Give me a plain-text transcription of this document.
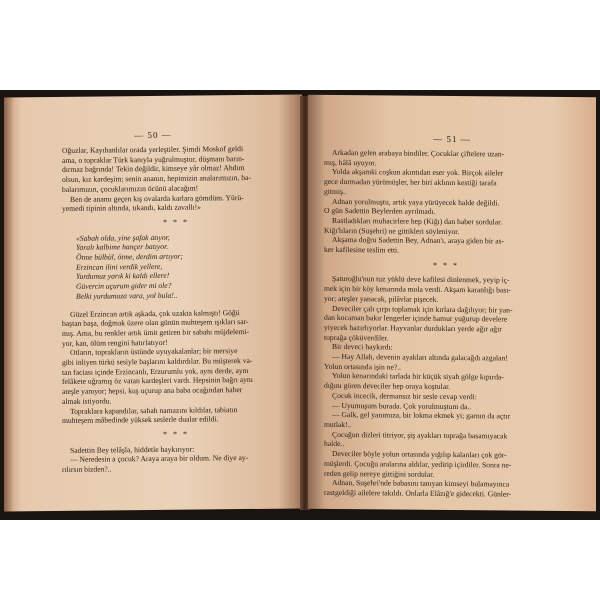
— 50 —
Oğuzlar, Kayıhanlılar orada yerleştiler. Şimdi Moskof geldi
ama, o topraklar Türk kanıyla yuğrulmuştur, düşmanı barın-
dırmaz bağrında! Tekin değildir, kimseye yâr olmaz! Ahdım
olsun, kız kardeşim; senin ananın, hepimizin analarımızın, ba-
balarımızın, çocuklarımızın öcünü alacağım!
Ben de anamı geçen kış ovalarda karlara gömdüm. Yürü-
yemedi tipinin altında, tıkandı, kaldı zavallı!»
* * *
«Sabah olda, yine şafak atıyor,
Yaralı kalbime hançer batıyor.
Ötme bülbül, ötme, derdim artıyor;
Erzincan ilini verdik yellere,
Yurdumuz yarık ki kaldı ellere!
Güvercin uçurum gider mi ole?
Belki yurdumuza vara, yol bula!..
Güzel Erzincan artık aşkada, çok uzakta kalmıştı! Göğü
baştan başa, doğmak üzere olan günün muhteşem ışıkları sar-
mış. Ama, bu renkler artık ümit getiren bir sabahı müjdelemi-
yor, kan, ölüm rengini hatırlatıyor!
Otların, toprakların üstünde uyuyakalanlar; bir mersiye
gibi inliyen türkü sesiyle başlarını kaldırdılar. Bu müşterek va-
tan faciası içinde Erzincanlı, Erzurumlu yok, aynı derde, aynı
felâkete uğramış öz vatan kardeşleri vardı. Hepsinin bağrı aynı
ateşle yanıyor; hepsi, kuş uçurup ana baba ocağından haber
almak istiyordu.
Topraklara kapandılar, sabah namazını kıldılar, tabiatın
muhteşem mâbedinde yüksek seslerle dualar edildi.
* * *
Sadettin Bey telâşla, hiddetle haykırıyor:
— Neredesin a çocuk? Araya araya bir oldum. Ne diye ay-
rılırsın bizden?..
— 51 —
Arkadan gelen arabaya bindiler. Çocuklar çiftelere uzan-
mış, hâlâ uyuyor.
Yolda akşamki coşkun akıntıdan eser yok. Birçok aileler
gece durmadan yürümüşler, her biri aklının kestiği tarafa
gitmiş..
Adnan yorulmuştu, artık yaya yürüyecek halde değildi.
O gün Sadettin Beylerden ayrılmadı.
Rastladıkları muhacirlere hep (Kiğı) dan haber sordular.
Kiğı'lıların (Suşehri) ne gittikleri söyleniyor.
Akşama doğru Sadettin Bey, Adnan'ı, araya giden bir as-
ker kafilesine teslim etti.
* * *
Şaturoğlu'nun tuz yüklü deve kafilesi dinlenmek, yeyip iç-
mek için bir köy kenarında mola verdi. Akşam karanlığı bası-
yor; ateşler yanacak, pilâvlar pişecek.
Deveciler çalı çırpı toplamak için kırlara dağılıyor; bir yan-
dan kocaman bakır lengerler içinde hamur yuğurup develere
yiyecek hazırlıyorlar. Hayvanlar durdukları yerde ağır ağır
toprağa çöküverdiler.
Bir deveci haykırdı:
— Hay Allah, devenin ayakları altında galacağdı azgalan!
Yolun ortasında işin ne?..
Yolun kenarındaki tarlada bir küçük siyah gölge kıpırda-
dığını gören deveciler hep oraya koştular.
Çocuk incecik, dermansız bir sesle cevap verdi:
— Uyumuşum burada. Çok yorulmuştum da..
— Galk, gel yanımıza, bir lokma ekmek yi; garnın da açtır
mutlak!..
Çocuğun dizleri titriyor, şiş ayakları toprağa basamıyacak
halde..
Deveciler böyle yolun ortasında yığılıp kalanları çok gör-
müşlerdi. Çocuğu aralarına aldılar, yedirip içirdiler. Sonra ne-
reden gelip nereye gittiğini sordular.
Adnan, Suşehri'nde babasını tanıyan kimseyi bulamayınca
rastgeldiği ailelere takıldı. Onlarla Elâzığ'e gidecekti. Günler-
